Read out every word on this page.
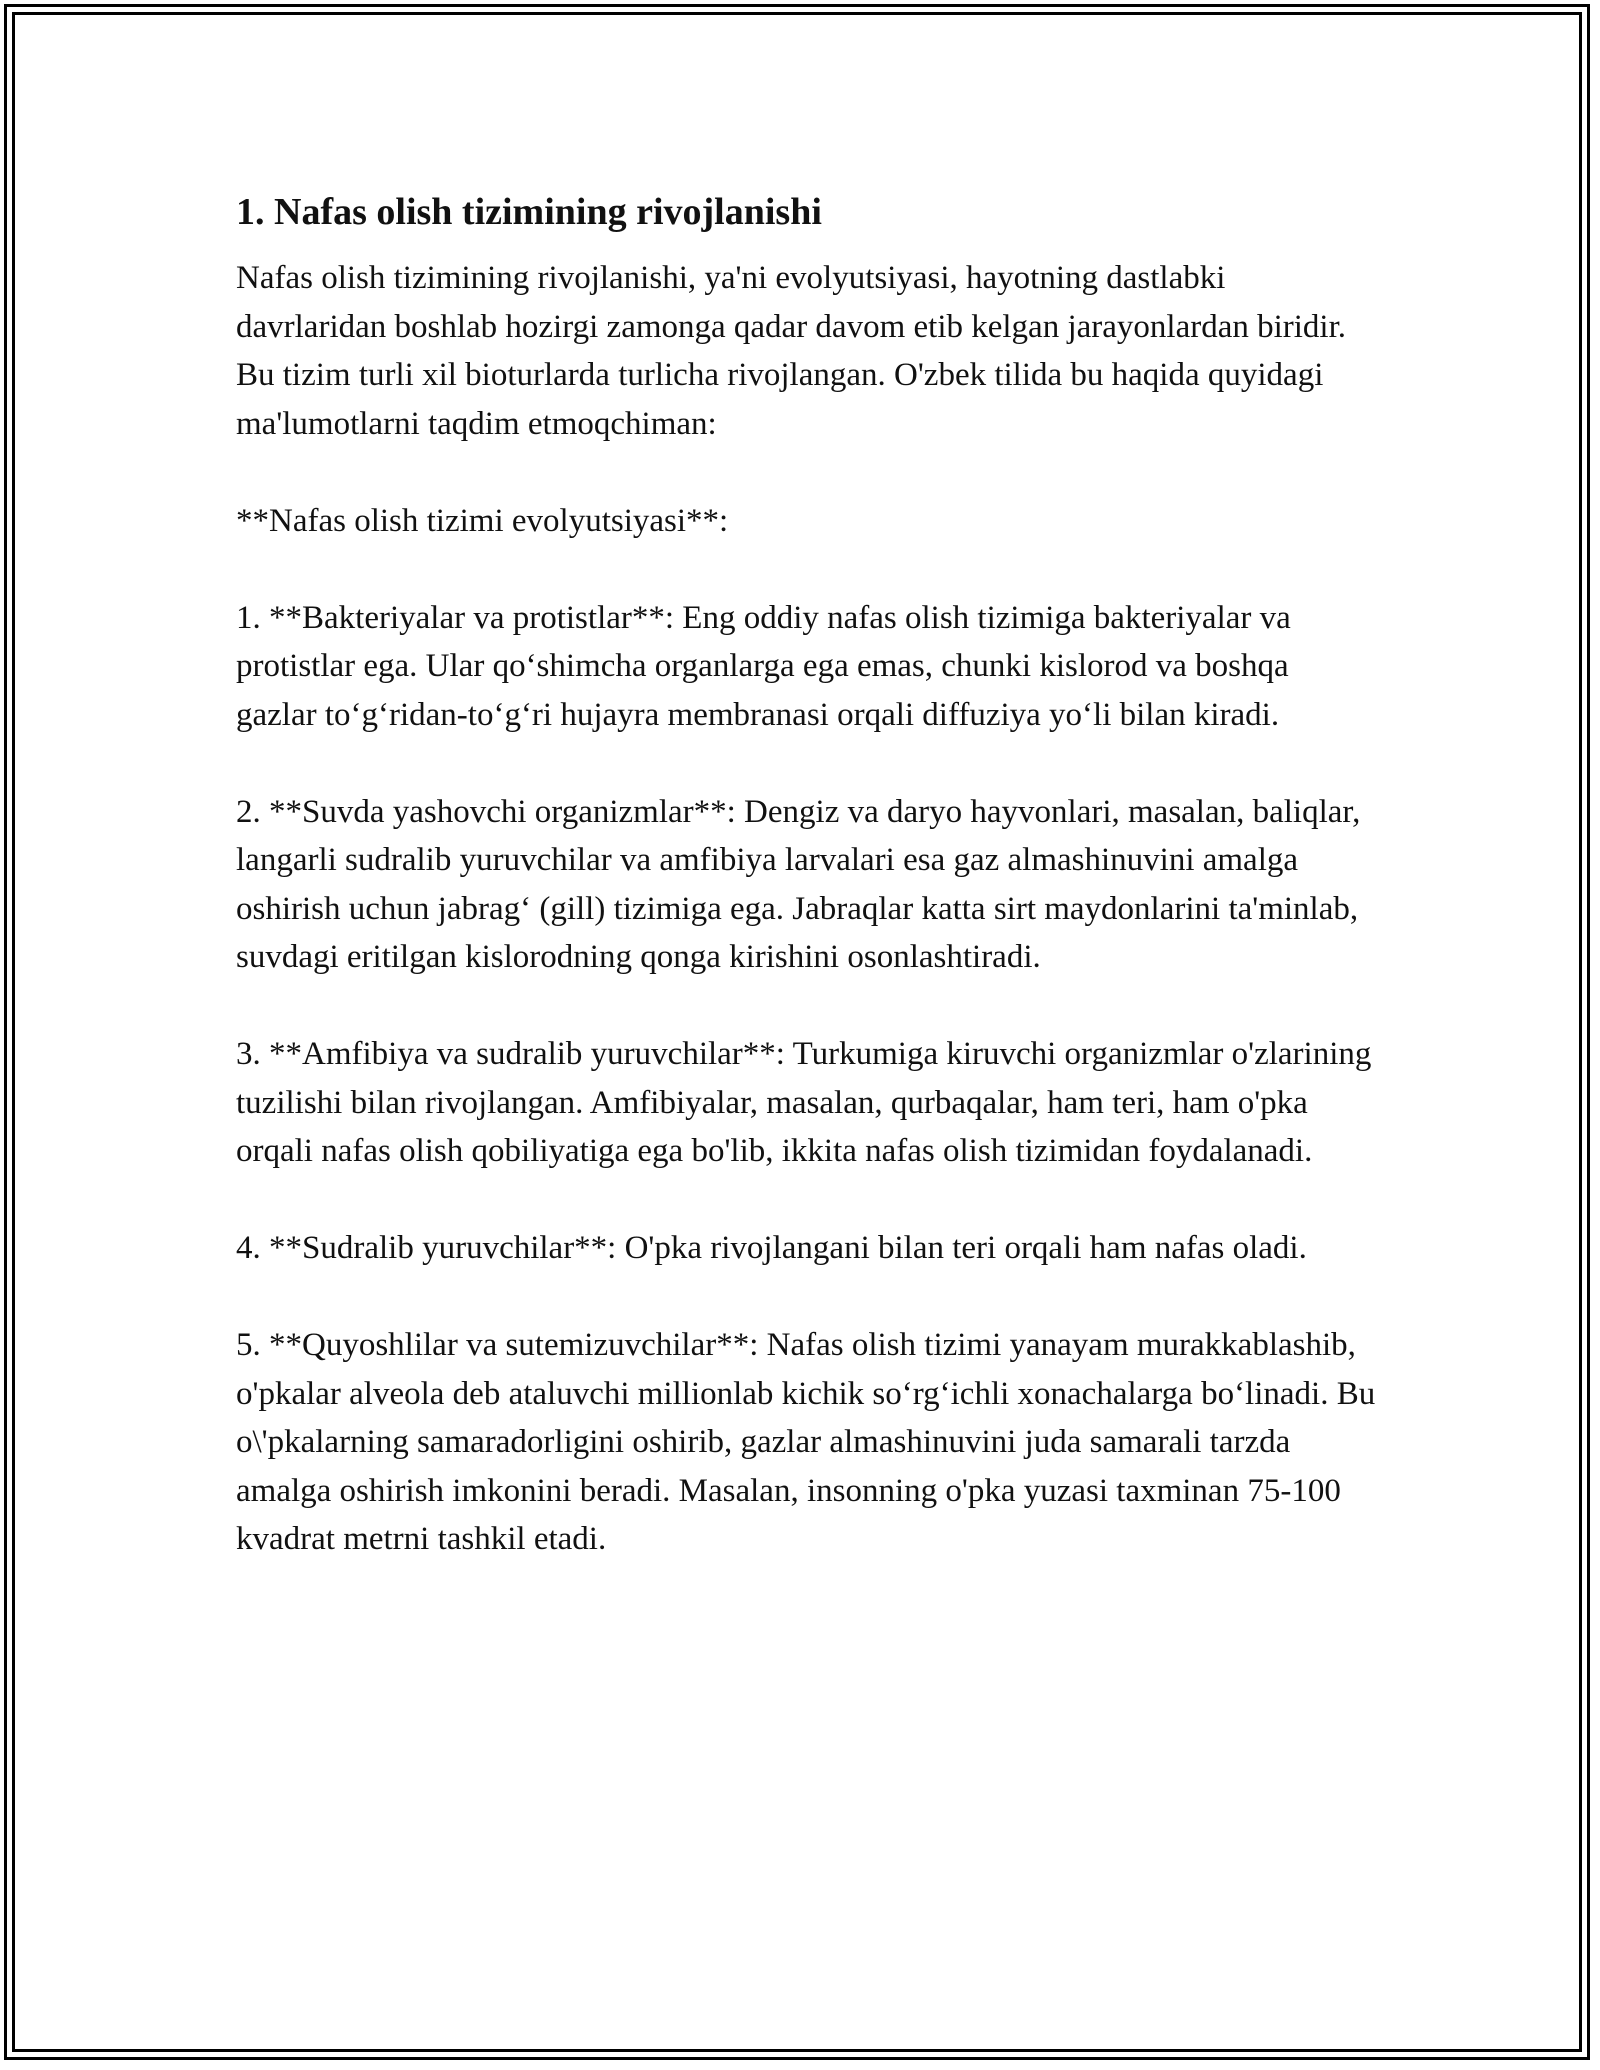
1. Nafas olish tizimining rivojlanishi

Nafas olish tizimining rivojlanishi, ya'ni evolyutsiyasi, hayotning dastlabki davrlaridan boshlab hozirgi zamonga qadar davom etib kelgan jarayonlardan biridir. Bu tizim turli xil bioturlarda turlicha rivojlangan. O'zbek tilida bu haqida quyidagi ma'lumotlarni taqdim etmoqchiman:

**Nafas olish tizimi evolyutsiyasi**:

1. **Bakteriyalar va protistlar**: Eng oddiy nafas olish tizimiga bakteriyalar va protistlar ega. Ular qo‘shimcha organlarga ega emas, chunki kislorod va boshqa gazlar to‘g‘ridan-to‘g‘ri hujayra membranasi orqali diffuziya yo‘li bilan kiradi.

2. **Suvda yashovchi organizmlar**: Dengiz va daryo hayvonlari, masalan, baliqlar, langarli sudralib yuruvchilar va amfibiya larvalari esa gaz almashinuvini amalga oshirish uchun jabrag‘ (gill) tizimiga ega. Jabraqlar katta sirt maydonlarini ta'minlab, suvdagi eritilgan kislorodning qonga kirishini osonlashtiradi.

3. **Amfibiya va sudralib yuruvchilar**: Turkumiga kiruvchi organizmlar o'zlarining tuzilishi bilan rivojlangan. Amfibiyalar, masalan, qurbaqalar, ham teri, ham o'pka orqali nafas olish qobiliyatiga ega bo'lib, ikkita nafas olish tizimidan foydalanadi.

4. **Sudralib yuruvchilar**: O'pka rivojlangani bilan teri orqali ham nafas oladi.

5. **Quyoshlilar va sutemizuvchilar**: Nafas olish tizimi yanayam murakkablashib, o'pkalar alveola deb ataluvchi millionlab kichik so‘rg‘ichli xonachalarga bo‘linadi. Bu o\'pkalarning samaradorligini oshirib, gazlar almashinuvini juda samarali tarzda amalga oshirish imkonini beradi. Masalan, insonning o'pka yuzasi taxminan 75-100 kvadrat metrni tashkil etadi.
